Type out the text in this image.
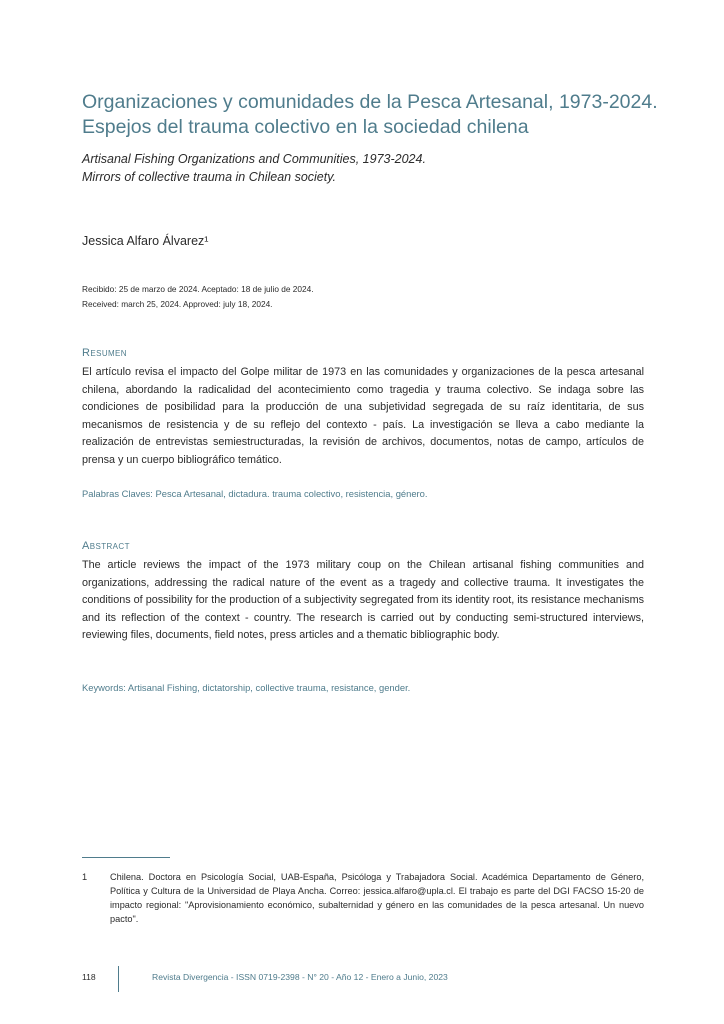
Organizaciones y comunidades de la Pesca Artesanal, 1973-2024.
Espejos del trauma colectivo en la sociedad chilena
Artisanal Fishing Organizations and Communities, 1973-2024.
Mirrors of collective trauma in Chilean society.
Jessica Alfaro Álvarez¹
Recibido: 25 de marzo de 2024. Aceptado: 18 de julio de 2024.
Received: march 25, 2024. Approved: july 18, 2024.
Resumen

El artículo revisa el impacto del Golpe militar de 1973 en las comunidades y organizaciones de la pesca artesanal chilena, abordando la radicalidad del acontecimiento como tragedia y trauma colectivo. Se indaga sobre las condiciones de posibilidad para la producción de una subjetividad segregada de su raíz identitaria, de sus mecanismos de resistencia y de su reflejo del contexto - país. La investigación se lleva a cabo mediante la realización de entrevistas semiestructuradas, la revisión de archivos, documentos, notas de campo, artículos de prensa y un cuerpo bibliográfico temático.

Palabras Claves: Pesca Artesanal, dictadura. trauma colectivo, resistencia, género.
Abstract

The article reviews the impact of the 1973 military coup on the Chilean artisanal fishing communities and organizations, addressing the radical nature of the event as a tragedy and collective trauma. It investigates the conditions of possibility for the production of a subjectivity segregated from its identity root, its resistance mechanisms and its reflection of the context - country. The research is carried out by conducting semi-structured interviews, reviewing files, documents, field notes, press articles and a thematic bibliographic body.

Keywords: Artisanal Fishing, dictatorship, collective trauma, resistance, gender.
1 Chilena. Doctora en Psicología Social, UAB-España, Psicóloga y Trabajadora Social. Académica Departamento de Género, Política y Cultura de la Universidad de Playa Ancha. Correo: jessica.alfaro@upla.cl. El trabajo es parte del DGI FACSO 15-20 de impacto regional: "Aprovisionamiento económico, subalternidad y género en las comunidades de la pesca artesanal. Un nuevo pacto".
118	Revista Divergencia - ISSN 0719-2398 - N° 20 - Año 12 - Enero a Junio, 2023
